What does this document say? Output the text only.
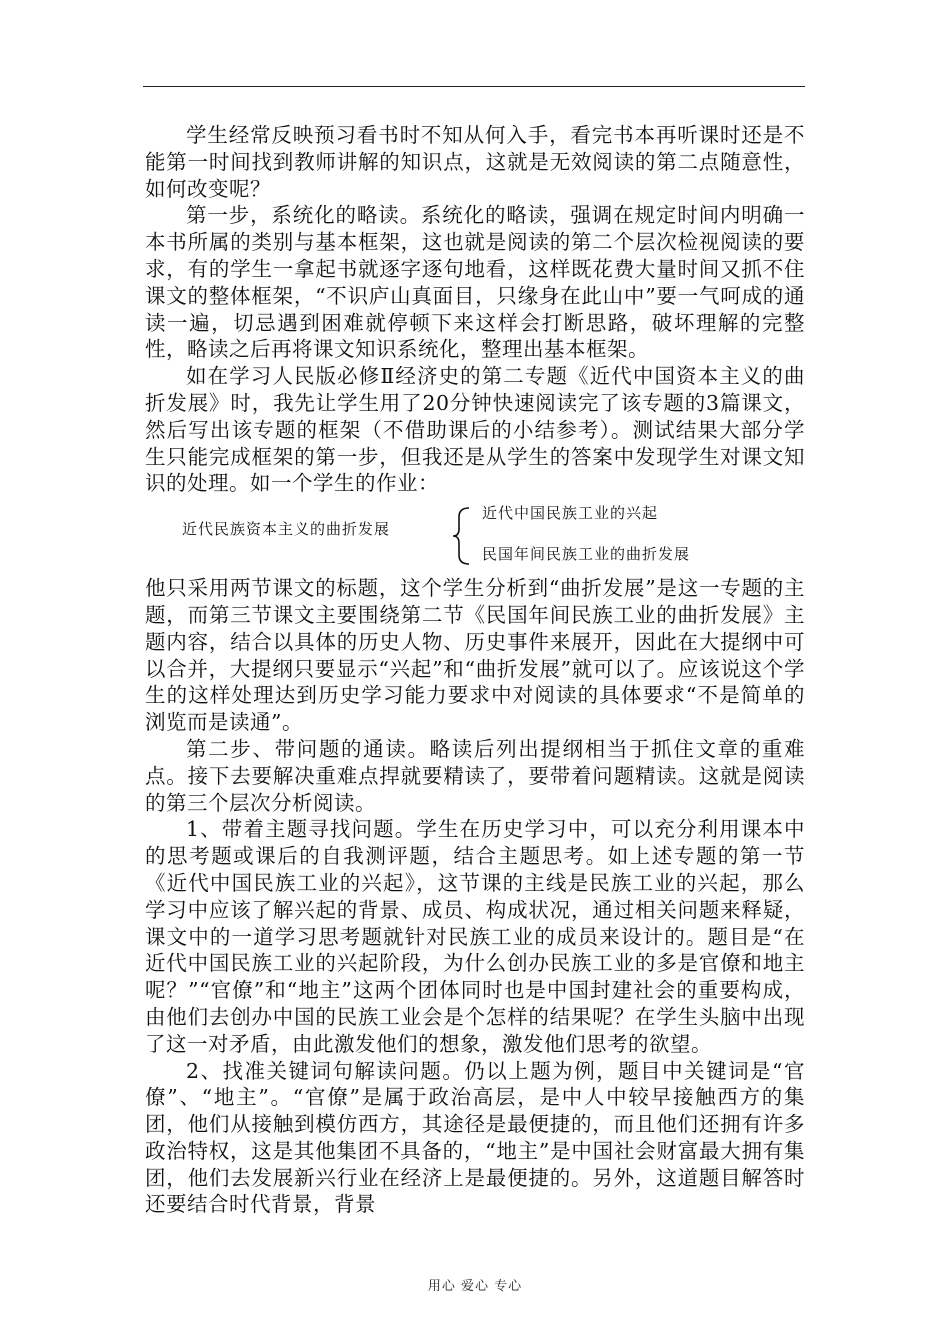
学生经常反映预习看书时不知从何入手，看完书本再听课时还是不能第一时间找到教师讲解的知识点，这就是无效阅读的第二点随意性，如何改变呢？

第一步，系统化的略读。系统化的略读，强调在规定时间内明确一本书所属的类别与基本框架，这也就是阅读的第二个层次检视阅读的要求，有的学生一拿起书就逐字逐句地看，这样既花费大量时间又抓不住课文的整体框架，“不识庐山真面目，只缘身在此山中”要一气呵成的通读一遍，切忌遇到困难就停顿下来这样会打断思路，破坏理解的完整性，略读之后再将课文知识系统化，整理出基本框架。

如在学习人民版必修Ⅱ经济史的第二专题《近代中国资本主义的曲折发展》时，我先让学生用了20分钟快速阅读完了该专题的3篇课文，然后写出该专题的框架（不借助课后的小结参考）。测试结果大部分学生只能完成框架的第一步，但我还是从学生的答案中发现学生对课文知识的处理。如一个学生的作业：

近代民族资本主义的曲折发展
近代中国民族工业的兴起
民国年间民族工业的曲折发展

他只采用两节课文的标题，这个学生分析到“曲折发展”是这一专题的主题，而第三节课文主要围绕第二节《民国年间民族工业的曲折发展》主题内容，结合以具体的历史人物、历史事件来展开，因此在大提纲中可以合并，大提纲只要显示“兴起”和“曲折发展”就可以了。应该说这个学生的这样处理达到历史学习能力要求中对阅读的具体要求“不是简单的浏览而是读通”。

第二步、带问题的通读。略读后列出提纲相当于抓住文章的重难点。接下去要解决重难点捍就要精读了，要带着问题精读。这就是阅读的第三个层次分析阅读。

1、带着主题寻找问题。学生在历史学习中，可以充分利用课本中的思考题或课后的自我测评题，结合主题思考。如上述专题的第一节《近代中国民族工业的兴起》，这节课的主线是民族工业的兴起，那么学习中应该了解兴起的背景、成员、构成状况，通过相关问题来释疑，课文中的一道学习思考题就针对民族工业的成员来设计的。题目是“在近代中国民族工业的兴起阶段，为什么创办民族工业的多是官僚和地主呢？”“官僚”和“地主”这两个团体同时也是中国封建社会的重要构成，由他们去创办中国的民族工业会是个怎样的结果呢？在学生头脑中出现了这一对矛盾，由此激发他们的想象，激发他们思考的欲望。

2、找准关键词句解读问题。仍以上题为例，题目中关键词是“官僚”、“地主”。“官僚”是属于政治高层，是中人中较早接触西方的集团，他们从接触到模仿西方，其途径是最便捷的，而且他们还拥有许多政治特权，这是其他集团不具备的，“地主”是中国社会财富最大拥有集团，他们去发展新兴行业在经济上是最便捷的。另外，这道题目解答时还要结合时代背景，背景

用心 爱心 专心
